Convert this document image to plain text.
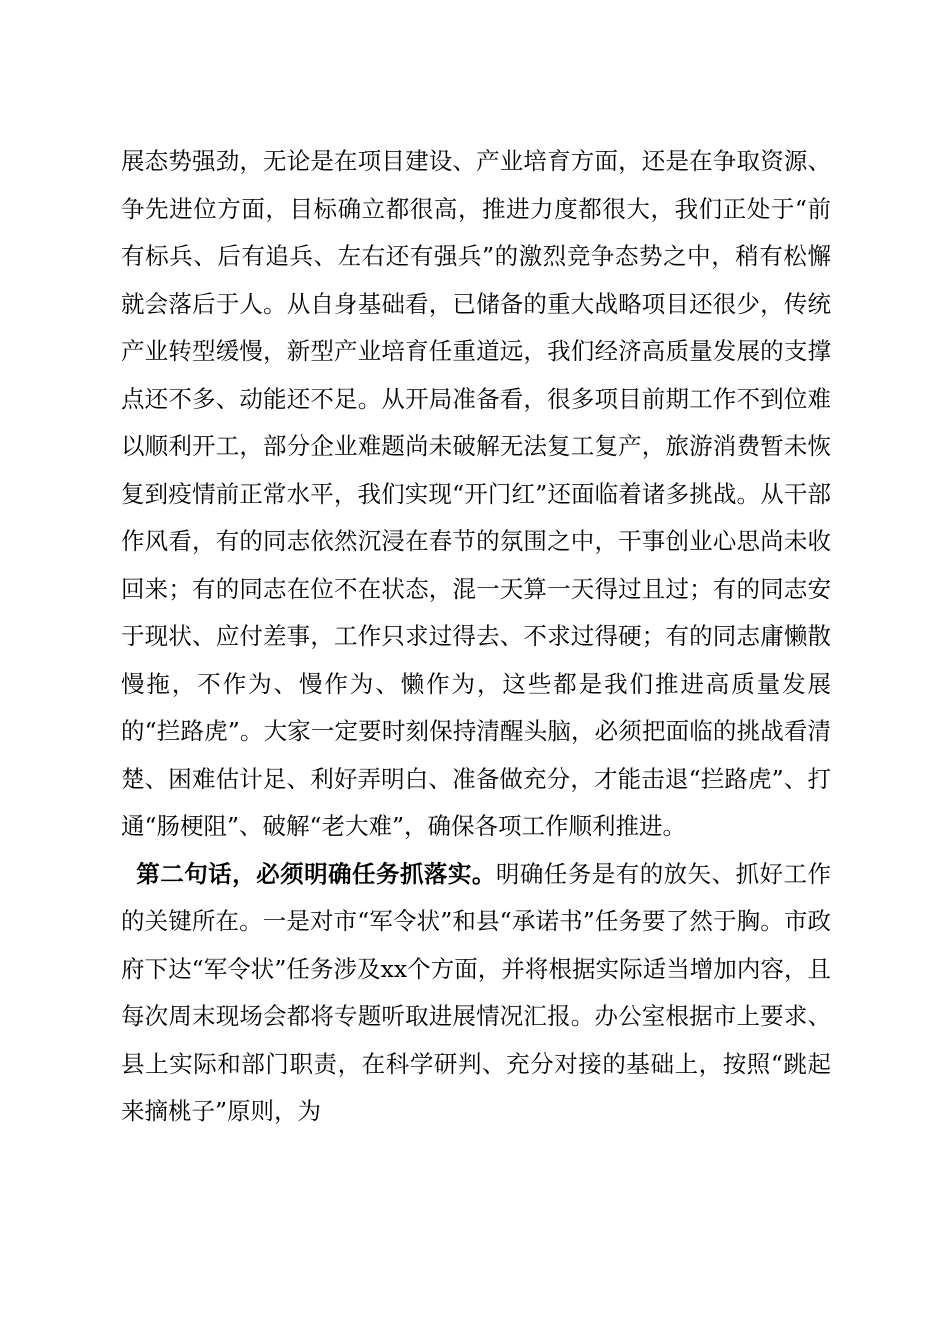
展态势强劲，无论是在项目建设、产业培育方面，还是在争取资源、争先进位方面，目标确立都很高，推进力度都很大，我们正处于“前有标兵、后有追兵、左右还有强兵”的激烈竞争态势之中，稍有松懈就会落后于人。从自身基础看，已储备的重大战略项目还很少，传统产业转型缓慢，新型产业培育任重道远，我们经济高质量发展的支撑点还不多、动能还不足。从开局准备看，很多项目前期工作不到位难以顺利开工，部分企业难题尚未破解无法复工复产，旅游消费暂未恢复到疫情前正常水平，我们实现“开门红”还面临着诸多挑战。从干部作风看，有的同志依然沉浸在春节的氛围之中，干事创业心思尚未收回来；有的同志在位不在状态，混一天算一天得过且过；有的同志安于现状、应付差事，工作只求过得去、不求过得硬；有的同志庸懒散慢拖，不作为、慢作为、懒作为，这些都是我们推进高质量发展的“拦路虎”。大家一定要时刻保持清醒头脑，必须把面临的挑战看清楚、困难估计足、利好弄明白、准备做充分，才能击退“拦路虎”、打通“肠梗阻”、破解“老大难”，确保各项工作顺利推进。

第二句话，必须明确任务抓落实。明确任务是有的放矢、抓好工作的关键所在。一是对市“军令状”和县“承诺书”任务要了然于胸。市政府下达“军令状”任务涉及xx个方面，并将根据实际适当增加内容，且每次周末现场会都将专题听取进展情况汇报。办公室根据市上要求、县上实际和部门职责，在科学研判、充分对接的基础上，按照“跳起来摘桃子”原则，为
